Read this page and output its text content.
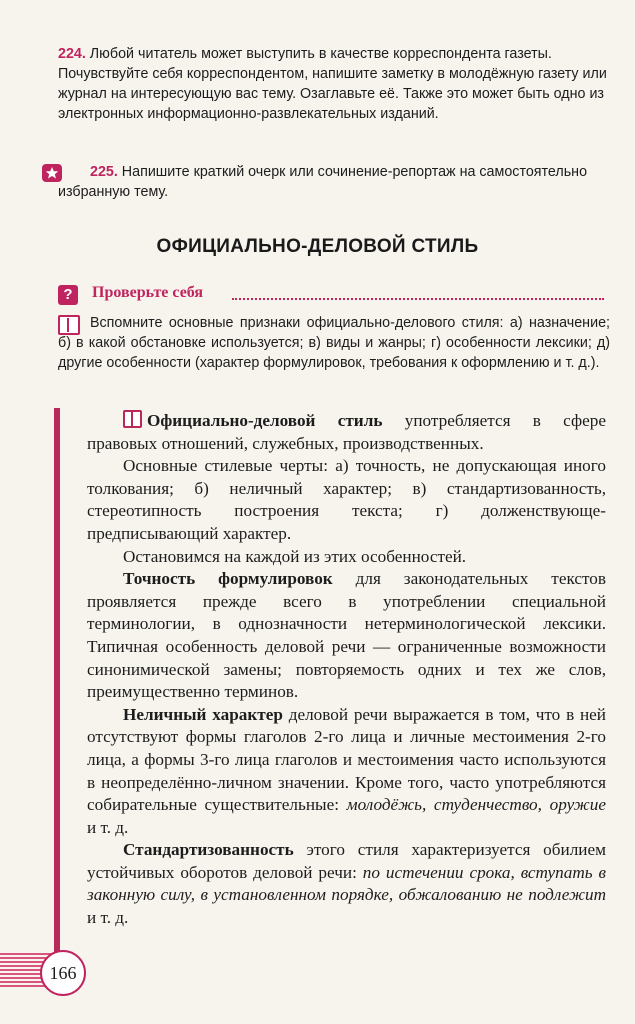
224. Любой читатель может выступить в качестве корреспондента газеты. Почувствуйте себя корреспондентом, напишите заметку в молодёжную газету или журнал на интересующую вас тему. Озаглавьте её. Также это может быть одно из электронных информационно-развлекательных изданий.
225. Напишите краткий очерк или сочинение-репортаж на самостоятельно избранную тему.
ОФИЦИАЛЬНО-ДЕЛОВОЙ СТИЛЬ
?	Проверьте себя
Вспомните основные признаки официально-делового стиля: а) назначение; б) в какой обстановке используется; в) виды и жанры; г) особенности лексики; д) другие особенности (характер формулировок, требования к оформлению и т. д.).

Официально-деловой стиль употребляется в сфере правовых отношений, служебных, производственных.

Основные стилевые черты: а) точность, не допускающая иного толкования; б) неличный характер; в) стандартизованность, стереотипность построения текста; г) долженствующе-предписывающий характер.

Остановимся на каждой из этих особенностей.

Точность формулировок для законодательных текстов проявляется прежде всего в употреблении специальной терминологии, в однозначности нетерминологической лексики. Типичная особенность деловой речи — ограниченные возможности синонимической замены; повторяемость одних и тех же слов, преимущественно терминов.

Неличный характер деловой речи выражается в том, что в ней отсутствуют формы глаголов 2-го лица и личные местоимения 2-го лица, а формы 3-го лица глаголов и местоимения часто используются в неопределённо-личном значении. Кроме того, часто употребляются собирательные существительные: молодёжь, студенчество, оружие и т. д.

Стандартизованность этого стиля характеризуется обилием устойчивых оборотов деловой речи: по истечении срока, вступать в законную силу, в установленном порядке, обжалованию не подлежит и т. д.

166
